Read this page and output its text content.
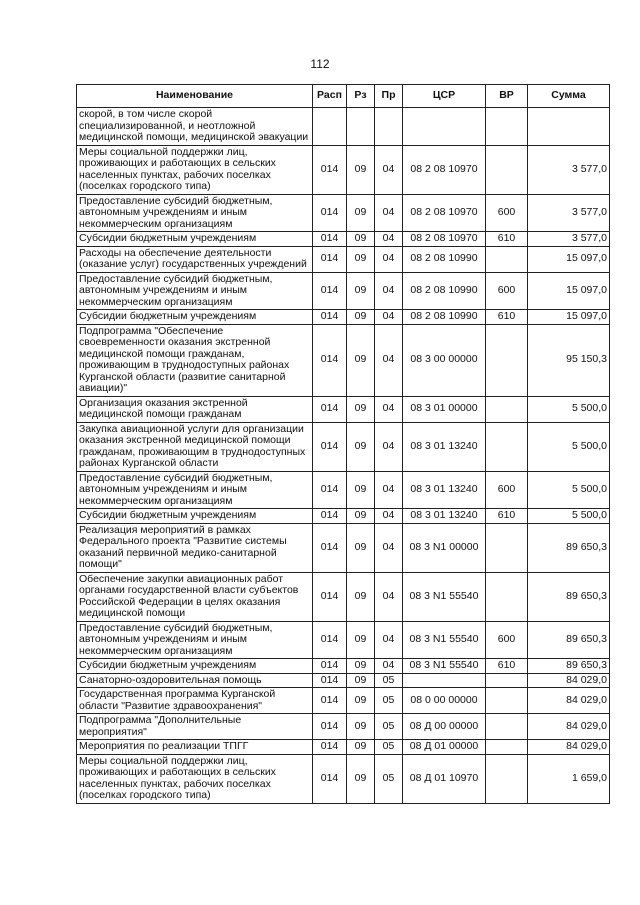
112
Наименование	Расп	Рз	Пр	ЦСР	ВР	Сумма
скорой, в том числе скорой специализированной, и неотложной медицинской помощи, медицинской эвакуации						
Меры социальной поддержки лиц, проживающих и работающих в сельских населенных пунктах, рабочих поселках (поселках городского типа)	014	09	04	08 2 08 10970		3 577,0
Предоставление субсидий бюджетным, автономным учреждениям и иным некоммерческим организациям	014	09	04	08 2 08 10970	600	3 577,0
Субсидии бюджетным учреждениям	014	09	04	08 2 08 10970	610	3 577,0
Расходы на обеспечение деятельности (оказание услуг) государственных учреждений	014	09	04	08 2 08 10990		15 097,0
Предоставление субсидий бюджетным, автономным учреждениям и иным некоммерческим организациям	014	09	04	08 2 08 10990	600	15 097,0
Субсидии бюджетным учреждениям	014	09	04	08 2 08 10990	610	15 097,0
Подпрограмма "Обеспечение своевременности оказания экстренной медицинской помощи гражданам, проживающим в труднодоступных районах Курганской области (развитие санитарной авиации)"	014	09	04	08 3 00 00000		95 150,3
Организация оказания экстренной медицинской помощи гражданам	014	09	04	08 3 01 00000		5 500,0
Закупка авиационной услуги для организации оказания экстренной медицинской помощи гражданам, проживающим в труднодоступных районах Курганской области	014	09	04	08 3 01 13240		5 500,0
Предоставление субсидий бюджетным, автономным учреждениям и иным некоммерческим организациям	014	09	04	08 3 01 13240	600	5 500,0
Субсидии бюджетным учреждениям	014	09	04	08 3 01 13240	610	5 500,0
Реализация мероприятий в рамках Федерального проекта "Развитие системы оказаний первичной медико-санитарной помощи"	014	09	04	08 3 N1 00000		89 650,3
Обеспечение закупки авиационных работ органами государственной власти субъектов Российской Федерации в целях оказания медицинской помощи	014	09	04	08 3 N1 55540		89 650,3
Предоставление субсидий бюджетным, автономным учреждениям и иным некоммерческим организациям	014	09	04	08 3 N1 55540	600	89 650,3
Субсидии бюджетным учреждениям	014	09	04	08 3 N1 55540	610	89 650,3
Санаторно-оздоровительная помощь	014	09	05			84 029,0
Государственная программа Курганской области "Развитие здравоохранения"	014	09	05	08 0 00 00000		84 029,0
Подпрограмма "Дополнительные мероприятия"	014	09	05	08 Д 00 00000		84 029,0
Мероприятия по реализации ТПГГ	014	09	05	08 Д 01 00000		84 029,0
Меры социальной поддержки лиц, проживающих и работающих в сельских населенных пунктах, рабочих поселках (поселках городского типа)	014	09	05	08 Д 01 10970		1 659,0
